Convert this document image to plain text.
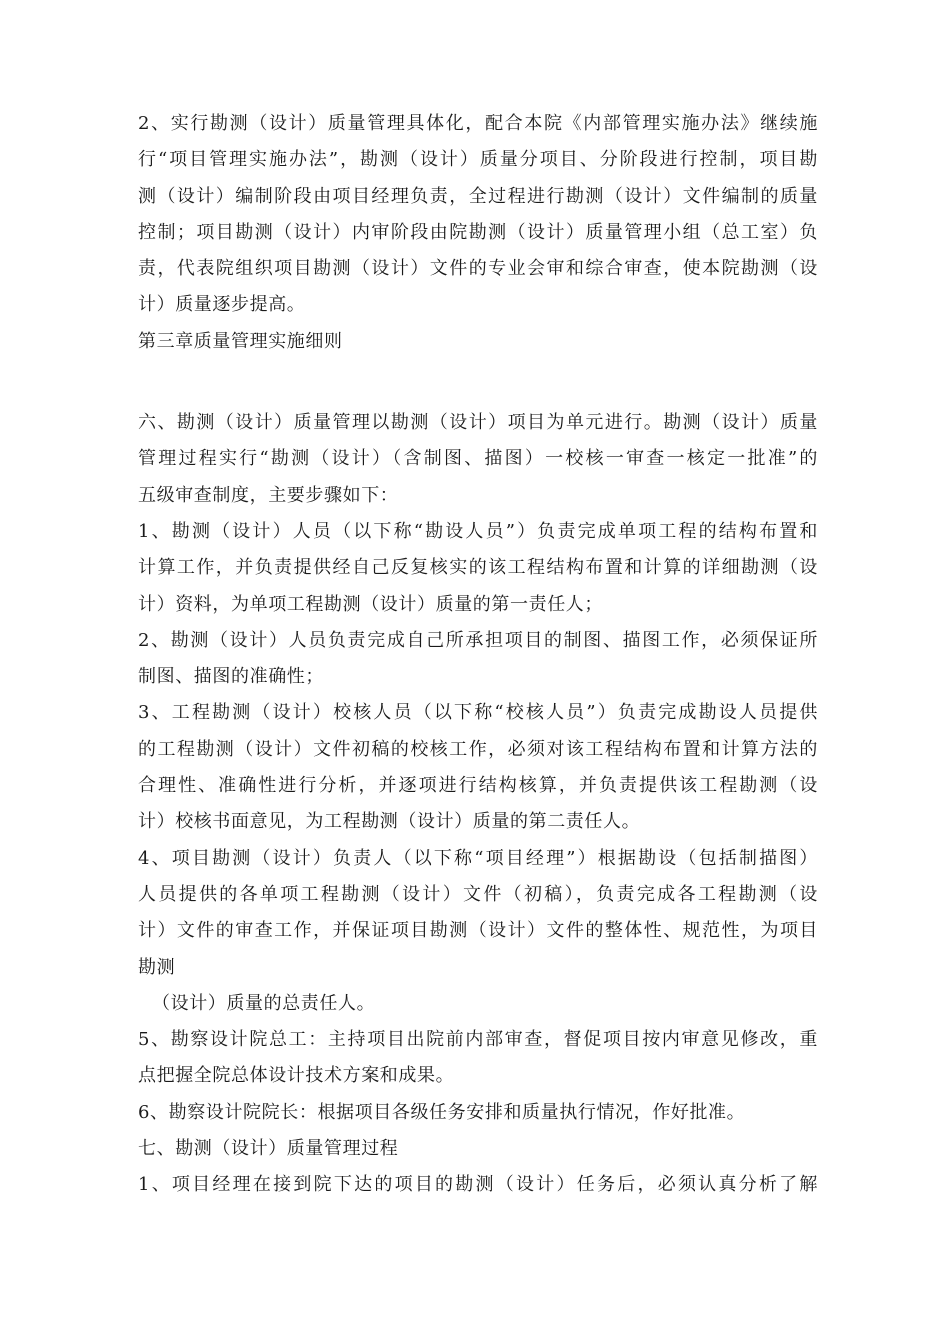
2、实行勘测（设计）质量管理具体化，配合本院《内部管理实施办法》继续施
行“项目管理实施办法”，勘测（设计）质量分项目、分阶段进行控制，项目勘
测（设计）编制阶段由项目经理负责，全过程进行勘测（设计）文件编制的质量
控制；项目勘测（设计）内审阶段由院勘测（设计）质量管理小组（总工室）负
责，代表院组织项目勘测（设计）文件的专业会审和综合审查，使本院勘测（设
计）质量逐步提高。
第三章质量管理实施细则
六、勘测（设计）质量管理以勘测（设计）项目为单元进行。勘测（设计）质量
管理过程实行“勘测（设计）（含制图、描图）一校核一审查一核定一批准”的
五级审查制度，主要步骤如下：
1、勘测（设计）人员（以下称“勘设人员”）负责完成单项工程的结构布置和
计算工作，并负责提供经自己反复核实的该工程结构布置和计算的详细勘测（设
计）资料，为单项工程勘测（设计）质量的第一责任人；
2、勘测（设计）人员负责完成自己所承担项目的制图、描图工作，必须保证所
制图、描图的准确性；
3、工程勘测（设计）校核人员（以下称“校核人员”）负责完成勘设人员提供
的工程勘测（设计）文件初稿的校核工作，必须对该工程结构布置和计算方法的
合理性、准确性进行分析，并逐项进行结构核算，并负责提供该工程勘测（设
计）校核书面意见，为工程勘测（设计）质量的第二责任人。
4、项目勘测（设计）负责人（以下称“项目经理”）根据勘设（包括制描图）
人员提供的各单项工程勘测（设计）文件（初稿），负责完成各工程勘测（设
计）文件的审查工作，并保证项目勘测（设计）文件的整体性、规范性，为项目
勘测
（设计）质量的总责任人。
5、勘察设计院总工：主持项目出院前内部审查，督促项目按内审意见修改，重
点把握全院总体设计技术方案和成果。
6、勘察设计院院长：根据项目各级任务安排和质量执行情况，作好批准。
七、勘测（设计）质量管理过程
1、项目经理在接到院下达的项目的勘测（设计）任务后，必须认真分析了解
